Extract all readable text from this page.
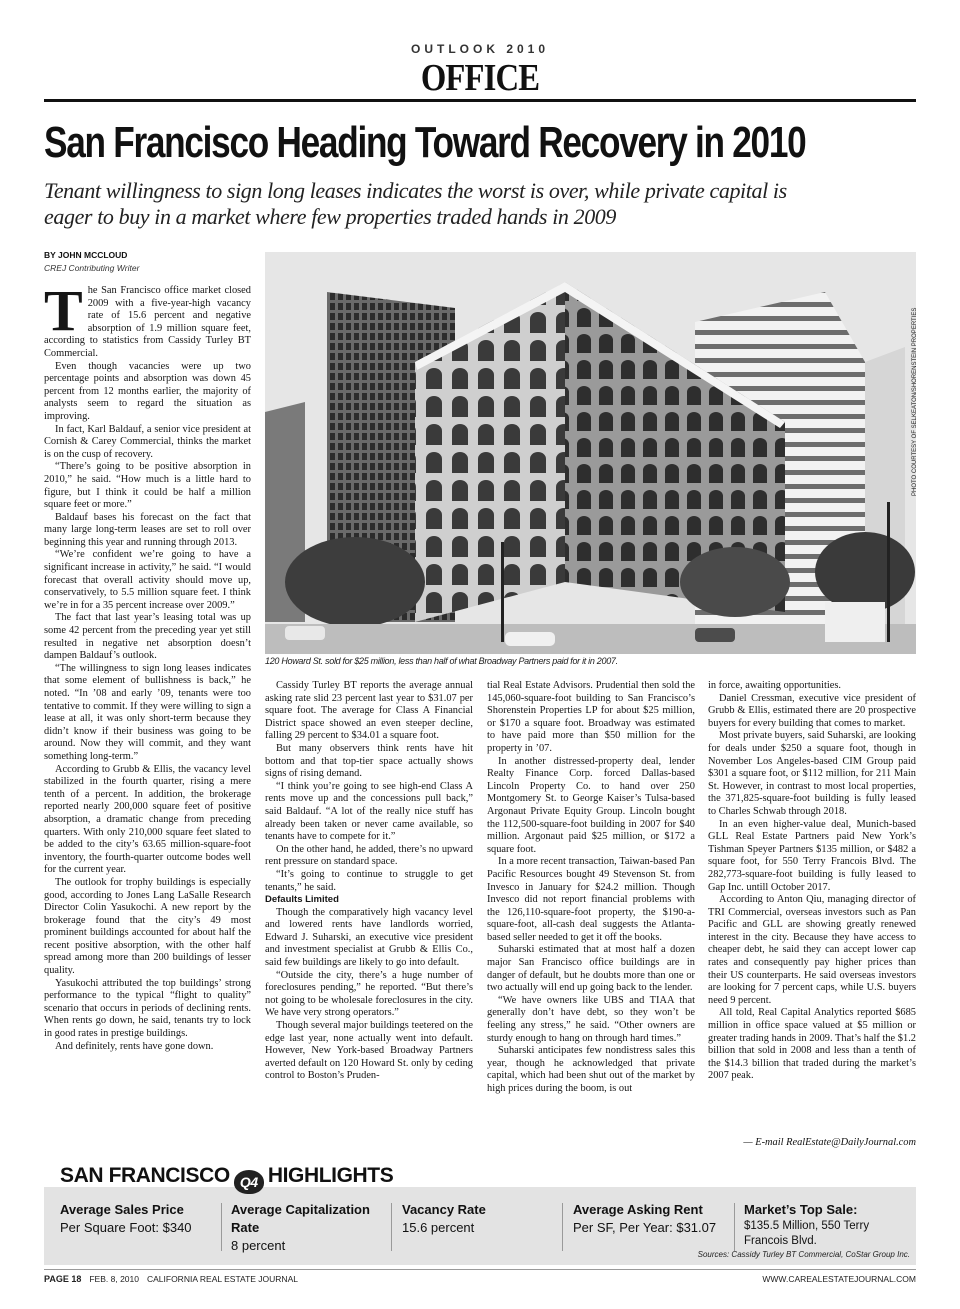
OUTLOOK 2010
OFFICE
San Francisco Heading Toward Recovery in 2010
Tenant willingness to sign long leases indicates the worst is over, while private capital is eager to buy in a market where few properties traded hands in 2009
BY JOHN MCCLOUD
CREJ Contributing Writer

The San Francisco office market closed 2009 with a five-year-high vacancy rate of 15.6 percent and negative absorption of 1.9 million square feet, according to statistics from Cassidy Turley BT Commercial.

Even though vacancies were up two percentage points and absorption was down 45 percent from 12 months earlier, the majority of analysts seem to regard the situation as improving.

In fact, Karl Baldauf, a senior vice president at Cornish & Carey Commercial, thinks the market is on the cusp of recovery.

“There’s going to be positive absorption in 2010,” he said. “How much is a little hard to figure, but I think it could be half a million square feet or more.”

Baldauf bases his forecast on the fact that many large long-term leases are set to roll over beginning this year and running through 2013.

“We’re confident we’re going to have a significant increase in activity,” he said. “I would forecast that overall activity should move up, conservatively, to 5.5 million square feet. I think we’re in for a 35 percent increase over 2009.”

The fact that last year’s leasing total was up some 42 percent from the preceding year yet still resulted in negative net absorption doesn’t dampen Baldauf’s outlook.

“The willingness to sign long leases indicates that some element of bullishness is back,” he noted. “In ’08 and early ’09, tenants were too tentative to commit. If they were willing to sign a lease at all, it was only short-term because they didn’t know if their business was going to be around. Now they will commit, and they want something long-term.”

According to Grubb & Ellis, the vacancy level stabilized in the fourth quarter, rising a mere tenth of a percent. In addition, the brokerage reported nearly 200,000 square feet of positive absorption, a dramatic change from preceding quarters. With only 210,000 square feet slated to be added to the city’s 63.65 million-square-foot inventory, the fourth-quarter outcome bodes well for the current year.

The outlook for trophy buildings is especially good, according to Jones Lang LaSalle Research Director Colin Yasukochi. A new report by the brokerage found that the city’s 49 most prominent buildings accounted for about half the recent positive absorption, with the other half spread among more than 200 buildings of lesser quality.

Yasukochi attributed the top buildings’ strong performance to the typical “flight to quality” scenario that occurs in periods of declining rents. When rents go down, he said, tenants try to lock in good rates in prestige buildings.

And definitely, rents have gone down.

120 Howard St. sold for $25 million, less than half of what Broadway Partners paid for it in 2007.
PHOTO COURTESY OF SELKEATON/SHORENSTEIN PROPERTIES

Cassidy Turley BT reports the average annual asking rate slid 23 percent last year to $31.07 per square foot. The average for Class A Financial District space showed an even steeper decline, falling 29 percent to $34.01 a square foot.

But many observers think rents have hit bottom and that top-tier space actually shows signs of rising demand.

“I think you’re going to see high-end Class A rents move up and the concessions pull back,” said Baldauf. “A lot of the really nice stuff has already been taken or never came available, so tenants have to compete for it.”

On the other hand, he added, there’s no upward rent pressure on standard space.

“It’s going to continue to struggle to get tenants,” he said.

Defaults Limited

Though the comparatively high vacancy level and lowered rents have landlords worried, Edward J. Suharski, an executive vice president and investment specialist at Grubb & Ellis Co., said few buildings are likely to go into default.

“Outside the city, there’s a huge number of foreclosures pending,” he reported. “But there’s not going to be wholesale foreclosures in the city. We have very strong operators.”

Though several major buildings teetered on the edge last year, none actually went into default. However, New York-based Broadway Partners averted default on 120 Howard St. only by ceding control to Boston’s Pruden-

tial Real Estate Advisors. Prudential then sold the 145,060-square-foot building to San Francisco’s Shorenstein Properties LP for about $25 million, or $170 a square foot. Broadway was estimated to have paid more than $50 million for the property in ’07.

In another distressed-property deal, lender Realty Finance Corp. forced Dallas-based Lincoln Property Co. to hand over 250 Montgomery St. to George Kaiser’s Tulsa-based Argonaut Private Equity Group. Lincoln bought the 112,500-square-foot building in 2007 for $40 million. Argonaut paid $25 million, or $172 a square foot.

In a more recent transaction, Taiwan-based Pan Pacific Resources bought 49 Stevenson St. from Invesco in January for $24.2 million. Though Invesco did not report financial problems with the 126,110-square-foot property, the $190-a-square-foot, all-cash deal suggests the Atlanta-based seller needed to get it off the books.

Suharski estimated that at most half a dozen major San Francisco office buildings are in danger of default, but he doubts more than one or two actually will end up going back to the lender.

“We have owners like UBS and TIAA that generally don’t have debt, so they won’t be feeling any stress,” he said. “Other owners are sturdy enough to hang on through hard times.”

Suharski anticipates few nondistress sales this year, though he acknowledged that private capital, which had been shut out of the market by high prices during the boom, is out

in force, awaiting opportunities.

Daniel Cressman, executive vice president of Grubb & Ellis, estimated there are 20 prospective buyers for every building that comes to market.

Most private buyers, said Suharski, are looking for deals under $250 a square foot, though in November Los Angeles-based CIM Group paid $301 a square foot, or $112 million, for 211 Main St. However, in contrast to most local properties, the 371,825-square-foot building is fully leased to Charles Schwab through 2018.

In an even higher-value deal, Munich-based GLL Real Estate Partners paid New York’s Tishman Speyer Partners $135 million, or $482 a square foot, for 550 Terry Francois Blvd. The 282,773-square-foot building is fully leased to Gap Inc. untill October 2017.

According to Anton Qiu, managing director of TRI Commercial, overseas investors such as Pan Pacific and GLL are showing greatly renewed interest in the city. Because they have access to cheaper debt, he said they can accept lower cap rates and consequently pay higher prices than their US counterparts. He said overseas investors are looking for 7 percent caps, while U.S. buyers need 9 percent.

All told, Real Capital Analytics reported $685 million in office space valued at $5 million or greater trading hands in 2009. That’s half the $1.2 billion that sold in 2008 and less than a tenth of the $14.3 billion that traded during the market’s 2007 peak.

— E-mail RealEstate@DailyJournal.com
SAN FRANCISCO Q4 HIGHLIGHTS
Average Sales Price
Per Square Foot: $340
Average Capitalization Rate
8 percent
Vacancy Rate
15.6 percent
Average Asking Rent
Per SF, Per Year: $31.07
Market’s Top Sale:
$135.5 Million, 550 Terry Francois Blvd.
Sources: Cassidy Turley BT Commercial, CoStar Group Inc.
PAGE 18 FEB. 8, 2010 CALIFORNIA REAL ESTATE JOURNAL	WWW.CAREALESTATEJOURNAL.COM
